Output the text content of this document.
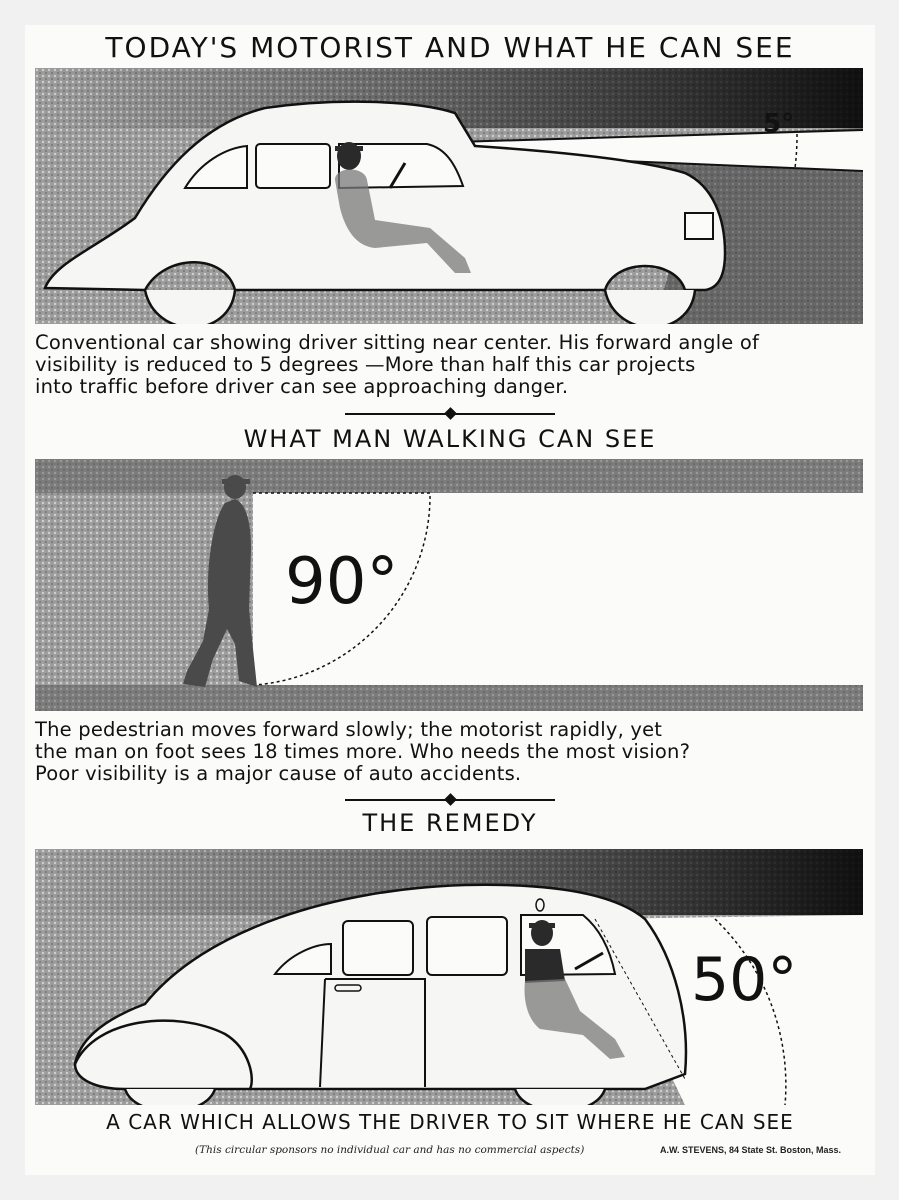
TODAY'S MOTORIST AND WHAT HE CAN SEE
5°
Conventional car showing driver sitting near center. His forward angle of
visibility is reduced to 5 degrees —More than half this car projects
into traffic before driver can see approaching danger.
WHAT MAN WALKING CAN SEE
90°
The pedestrian moves forward slowly; the motorist rapidly, yet
the man on foot sees 18 times more. Who needs the most vision?
Poor visibility is a major cause of auto accidents.
THE REMEDY
50°
A CAR WHICH ALLOWS THE DRIVER TO SIT WHERE HE CAN SEE
(This circular sponsors no individual car and has no commercial aspects)	A.W. STEVENS, 84 State St. Boston, Mass.
